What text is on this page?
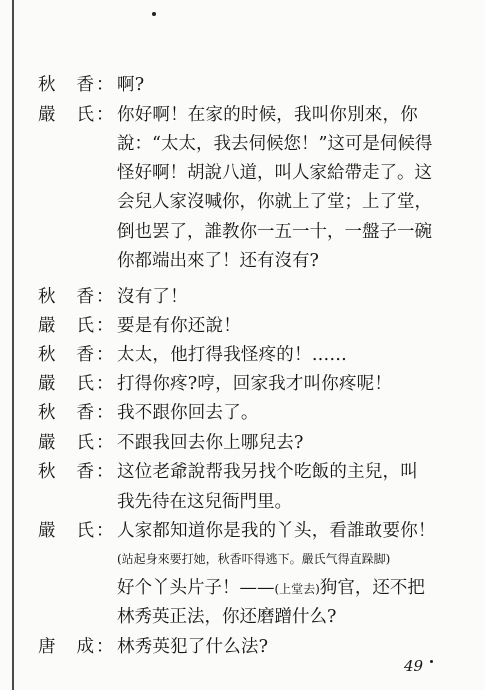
秋 香 ： 啊?
嚴 氏 ： 你好啊！在家的时候，我叫你別來，你
說：“太太，我去伺候您！”这可是伺候得
怪好啊！胡說八道，叫人家給帶走了。这
会兒人家沒喊你，你就上了堂；上了堂，
倒也罢了，誰教你一五一十，一盤子一碗
你都端出來了！还有沒有?
秋 香 ： 沒有了！
嚴 氏 ： 要是有你还說！
秋 香 ： 太太，他打得我怪疼的！……
嚴 氏 ： 打得你疼?哼，回家我才叫你疼呢！
秋 香 ： 我不跟你回去了。
嚴 氏 ： 不跟我回去你上哪兒去?
秋 香 ： 这位老爺說帮我另找个吃飯的主兒，叫
我先待在这兒衙門里。
嚴 氏 ： 人家都知道你是我的丫头，看誰敢要你！
(站起身來要打她，秋香吓得逃下。嚴氏气得直跺脚)
好个丫头片子！——(上堂去)狗官，还不把
林秀英正法，你还磨蹭什么?
唐 成 ： 林秀英犯了什么法?
49
